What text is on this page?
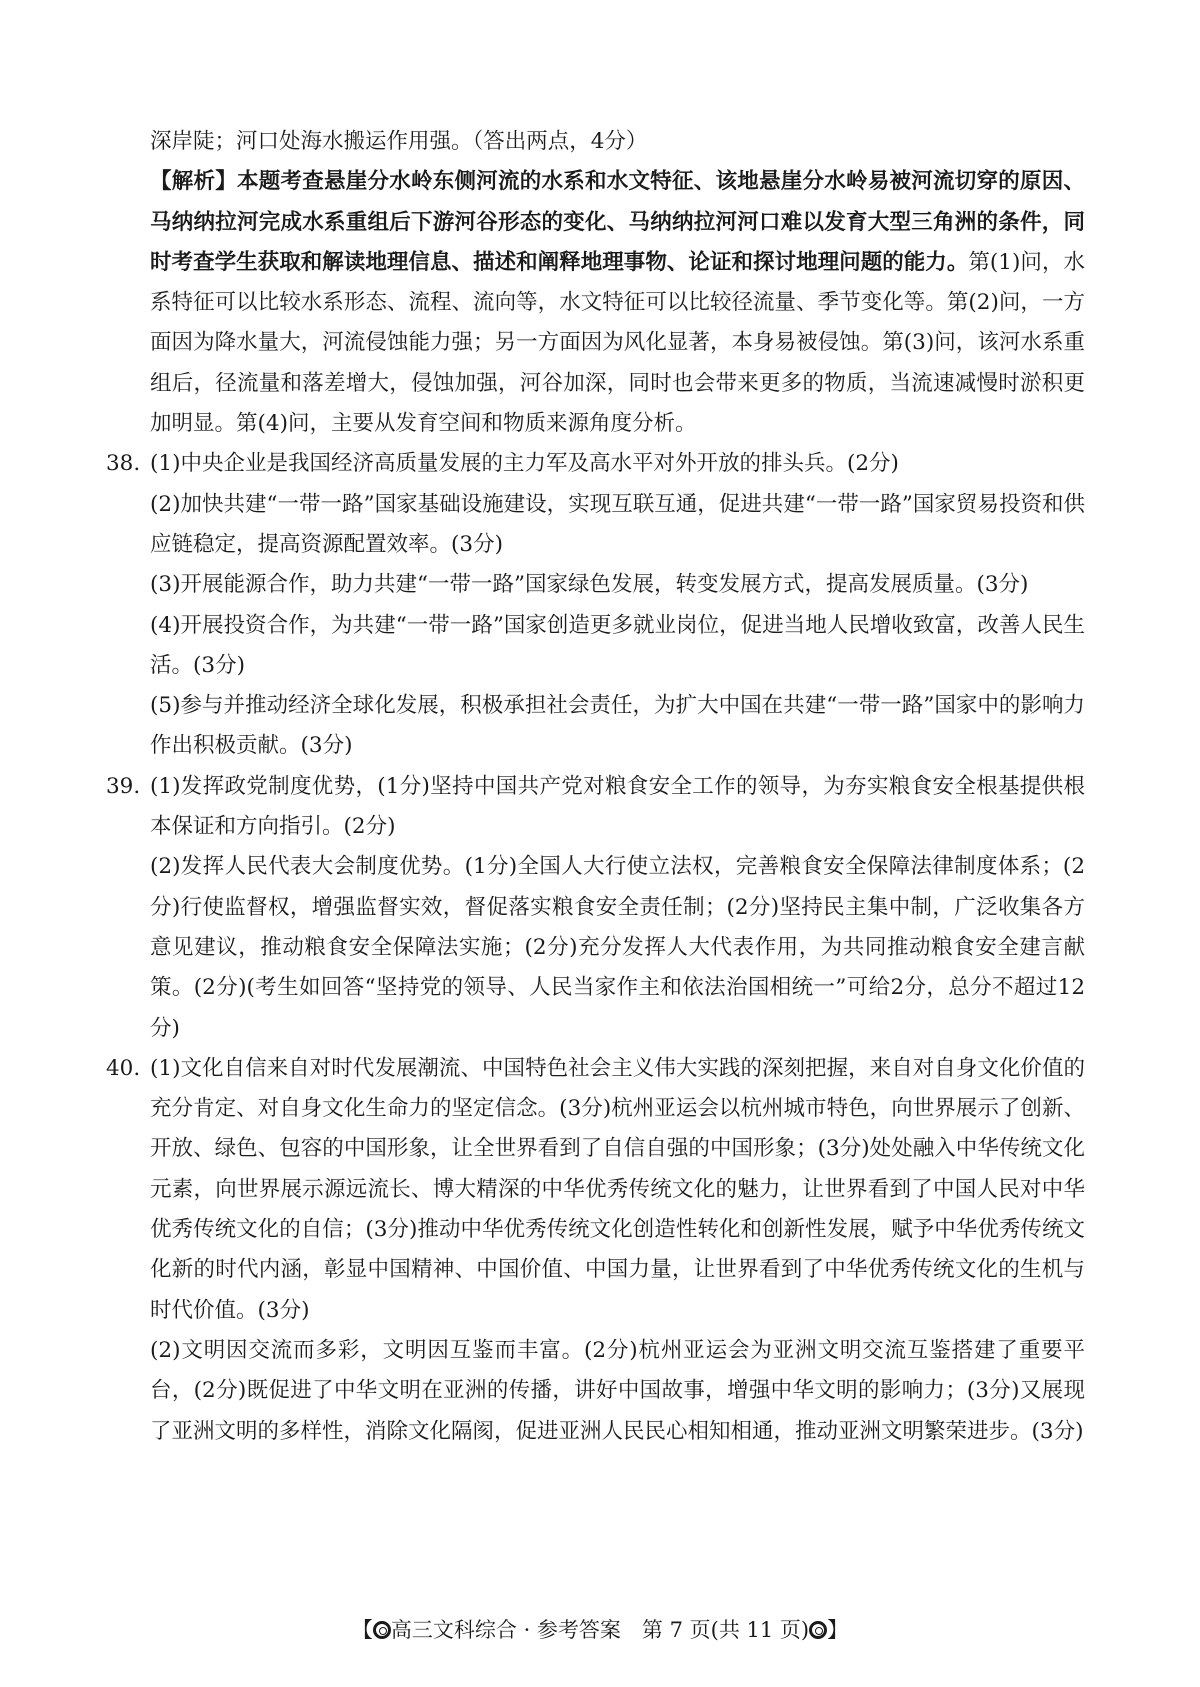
深岸陡；河口处海水搬运作用强。（答出两点，4分）

【解析】本题考查悬崖分水岭东侧河流的水系和水文特征、该地悬崖分水岭易被河流切穿的原因、马纳纳拉河完成水系重组后下游河谷形态的变化、马纳纳拉河河口难以发育大型三角洲的条件，同时考查学生获取和解读地理信息、描述和阐释地理事物、论证和探讨地理问题的能力。第(1)问，水系特征可以比较水系形态、流程、流向等，水文特征可以比较径流量、季节变化等。第(2)问，一方面因为降水量大，河流侵蚀能力强；另一方面因为风化显著，本身易被侵蚀。第(3)问，该河水系重组后，径流量和落差增大，侵蚀加强，河谷加深，同时也会带来更多的物质，当流速减慢时淤积更加明显。第(4)问，主要从发育空间和物质来源角度分析。

38. (1)中央企业是我国经济高质量发展的主力军及高水平对外开放的排头兵。(2分)

(2)加快共建“一带一路”国家基础设施建设，实现互联互通，促进共建“一带一路”国家贸易投资和供应链稳定，提高资源配置效率。(3分)

(3)开展能源合作，助力共建“一带一路”国家绿色发展，转变发展方式，提高发展质量。(3分)

(4)开展投资合作，为共建“一带一路”国家创造更多就业岗位，促进当地人民增收致富，改善人民生活。(3分)

(5)参与并推动经济全球化发展，积极承担社会责任，为扩大中国在共建“一带一路”国家中的影响力作出积极贡献。(3分)

39. (1)发挥政党制度优势，(1分)坚持中国共产党对粮食安全工作的领导，为夯实粮食安全根基提供根本保证和方向指引。(2分)

(2)发挥人民代表大会制度优势。(1分)全国人大行使立法权，完善粮食安全保障法律制度体系；(2分)行使监督权，增强监督实效，督促落实粮食安全责任制；(2分)坚持民主集中制，广泛收集各方意见建议，推动粮食安全保障法实施；(2分)充分发挥人大代表作用，为共同推动粮食安全建言献策。(2分)(考生如回答“坚持党的领导、人民当家作主和依法治国相统一”可给2分，总分不超过12分)

40. (1)文化自信来自对时代发展潮流、中国特色社会主义伟大实践的深刻把握，来自对自身文化价值的充分肯定、对自身文化生命力的坚定信念。(3分)杭州亚运会以杭州城市特色，向世界展示了创新、开放、绿色、包容的中国形象，让全世界看到了自信自强的中国形象；(3分)处处融入中华传统文化元素，向世界展示源远流长、博大精深的中华优秀传统文化的魅力，让世界看到了中国人民对中华优秀传统文化的自信；(3分)推动中华优秀传统文化创造性转化和创新性发展，赋予中华优秀传统文化新的时代内涵，彰显中国精神、中国价值、中国力量，让世界看到了中华优秀传统文化的生机与时代价值。(3分)

(2)文明因交流而多彩，文明因互鉴而丰富。(2分)杭州亚运会为亚洲文明交流互鉴搭建了重要平台，(2分)既促进了中华文明在亚洲的传播，讲好中国故事，增强中华文明的影响力；(3分)又展现了亚洲文明的多样性，消除文化隔阂，促进亚洲人民民心相知相通，推动亚洲文明繁荣进步。(3分)

【 高三文科综合 · 参考答案　第 7 页(共 11 页) 】
